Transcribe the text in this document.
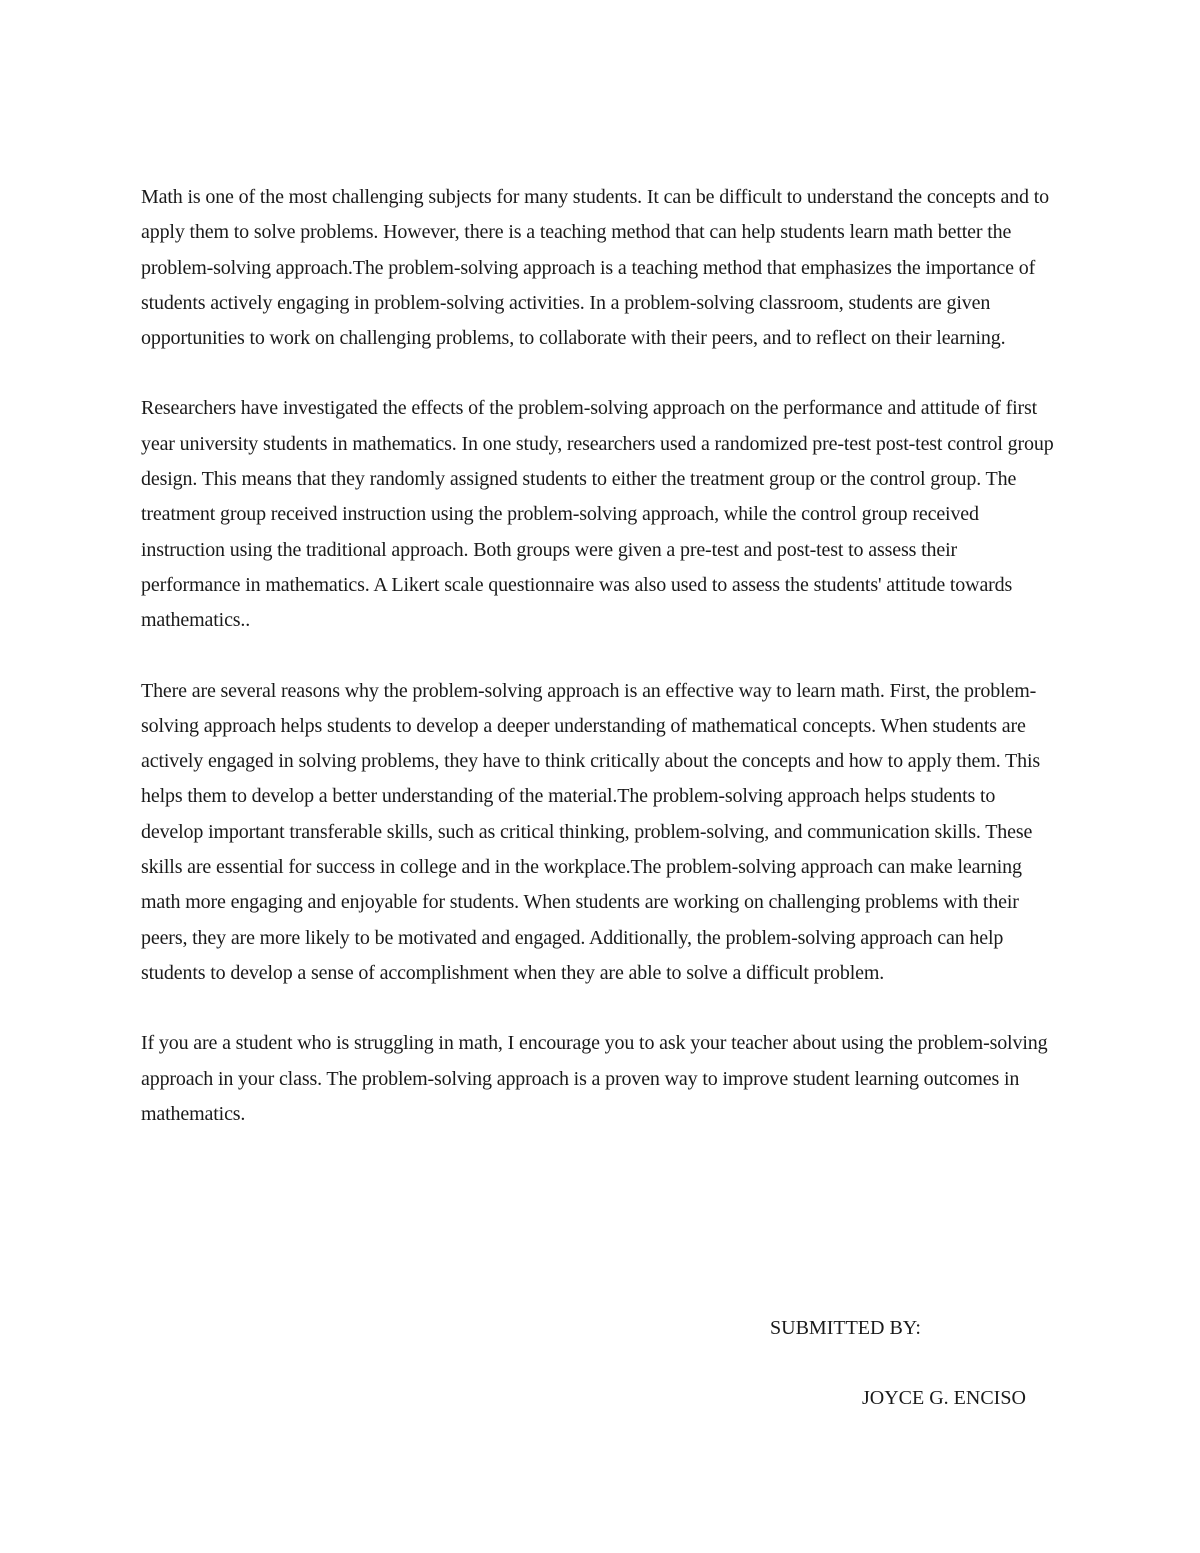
Math is one of the most challenging subjects for many students. It can be difficult to understand the concepts and to apply them to solve problems. However, there is a teaching method that can help students learn math better the problem-solving approach.The problem-solving approach is a teaching method that emphasizes the importance of students actively engaging in problem-solving activities. In a problem-solving classroom, students are given opportunities to work on challenging problems, to collaborate with their peers, and to reflect on their learning.

Researchers have investigated the effects of the problem-solving approach on the performance and attitude of first year university students in mathematics. In one study, researchers used a randomized pre-test post-test control group design. This means that they randomly assigned students to either the treatment group or the control group. The treatment group received instruction using the problem-solving approach, while the control group received instruction using the traditional approach. Both groups were given a pre-test and post-test to assess their performance in mathematics. A Likert scale questionnaire was also used to assess the students' attitude towards mathematics..

There are several reasons why the problem-solving approach is an effective way to learn math. First, the problem-solving approach helps students to develop a deeper understanding of mathematical concepts. When students are actively engaged in solving problems, they have to think critically about the concepts and how to apply them. This helps them to develop a better understanding of the material.The problem-solving approach helps students to develop important transferable skills, such as critical thinking, problem-solving, and communication skills. These skills are essential for success in college and in the workplace.The problem-solving approach can make learning math more engaging and enjoyable for students. When students are working on challenging problems with their peers, they are more likely to be motivated and engaged. Additionally, the problem-solving approach can help students to develop a sense of accomplishment when they are able to solve a difficult problem.

If you are a student who is struggling in math, I encourage you to ask your teacher about using the problem-solving approach in your class. The problem-solving approach is a proven way to improve student learning outcomes in mathematics.

SUBMITTED BY:

JOYCE G. ENCISO
